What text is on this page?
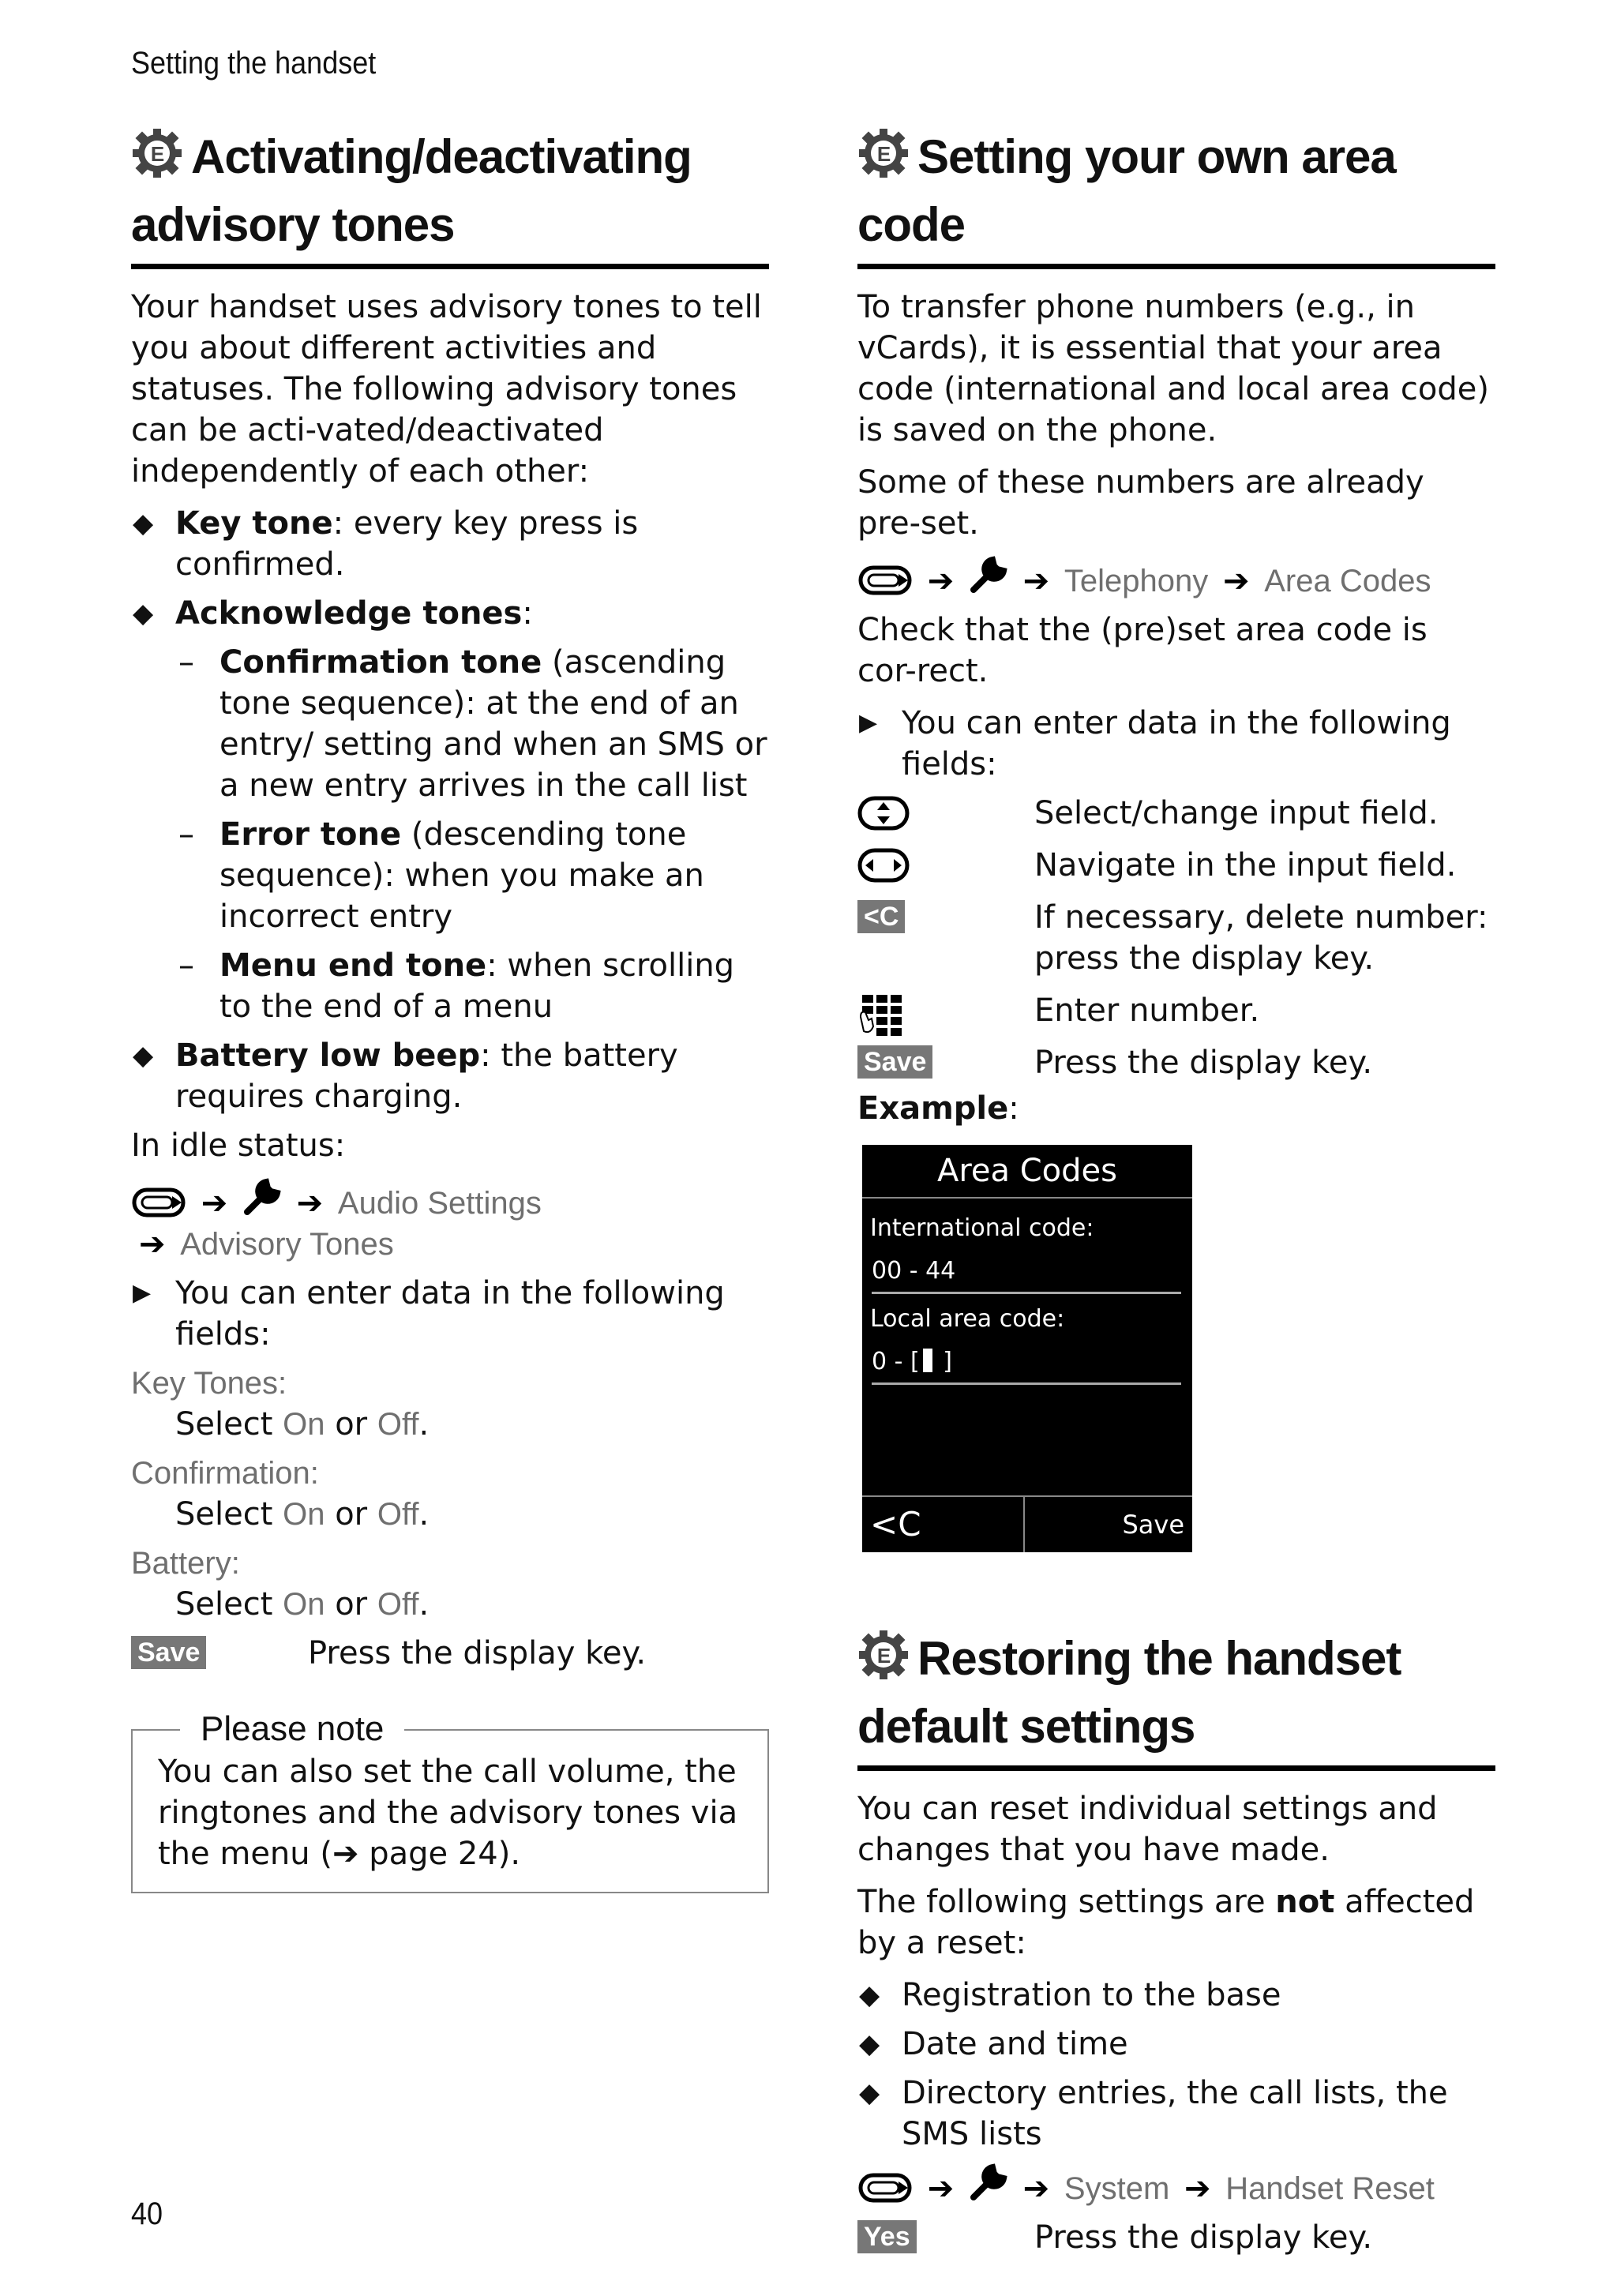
Setting the handset
E Activating/deactivating advisory tones

Your handset uses advisory tones to tell you about different activities and statuses. The following advisory tones can be acti-vated/deactivated independently of each other:

◆ Key tone: every key press is confirmed.
◆ Acknowledge tones:
– Confirmation tone (ascending tone sequence): at the end of an entry/ setting and when an SMS or a new entry arrives in the call list
– Error tone (descending tone sequence): when you make an incorrect entry
– Menu end tone: when scrolling to the end of a menu
◆ Battery low beep: the battery requires charging.

In idle status:

➔ ➔ Audio Settings
➔ Advisory Tones
▶ You can enter data in the following fields:

Key Tones:

Select On or Off.

Confirmation:

Select On or Off.

Battery:

Select On or Off.

Save	Press the display key.
Please note

You can also set the call volume, the ringtones and the advisory tones via the menu (➔ page 24).

E Setting your own area code

To transfer phone numbers (e.g., in vCards), it is essential that your area code (international and local area code) is saved on the phone.

Some of these numbers are already pre-set.

➔ ➔ Telephony ➔ Area Codes

Check that the (pre)set area code is cor-rect.

▶ You can enter data in the following fields:
Select/change input field.
Navigate in the input field.
<C	If necessary, delete number: press the display key.
Enter number.
Save	Press the display key.

Example:

Area Codes
International code:
00 - 44
Local area code:
0 - [ ]
<C	Save
E Restoring the handset default settings

You can reset individual settings and changes that you have made.

The following settings are not affected by a reset:

◆ Registration to the base
◆ Date and time
◆ Directory entries, the call lists, the SMS lists
➔ ➔ System ➔ Handset Reset
Yes	Press the display key.
40
